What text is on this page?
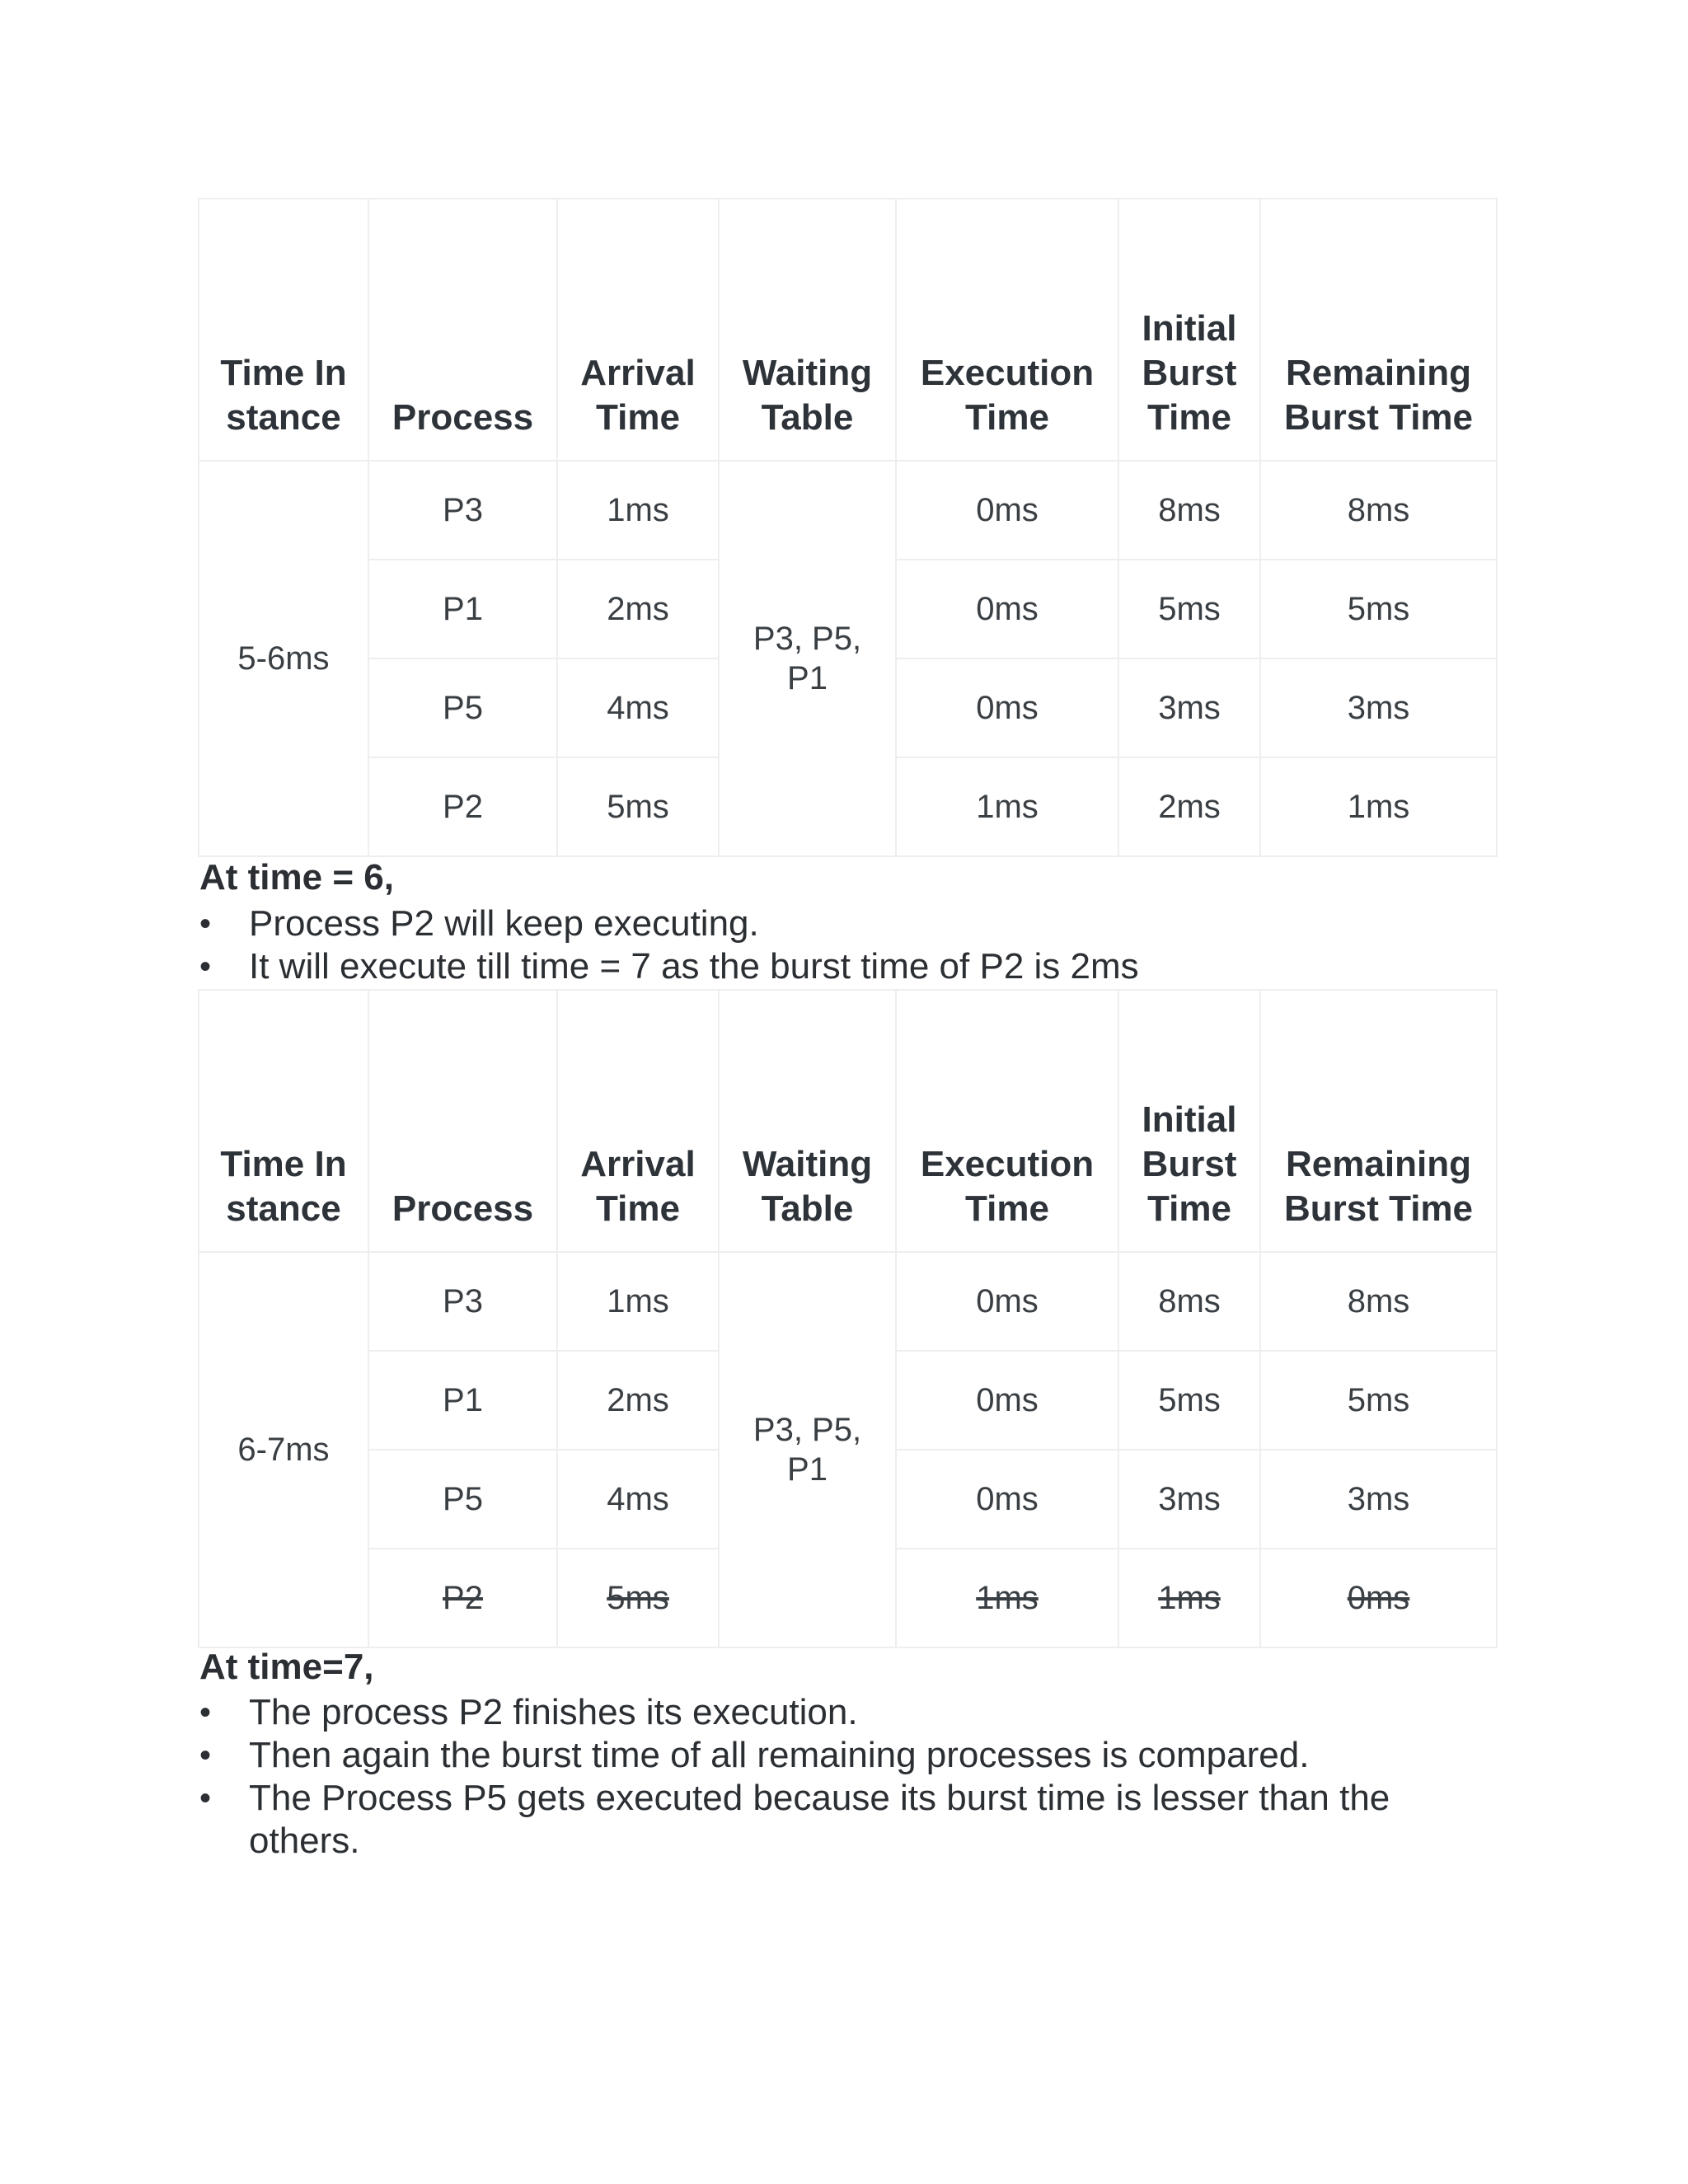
Time Instance	Process	Arrival Time	Waiting Table	Execution Time	Initial Burst Time	Remaining Burst Time
5-6ms	P3	1ms	P3, P5, P1	0ms	8ms	8ms
	P1	2ms		0ms	5ms	5ms
	P5	4ms		0ms	3ms	3ms
	P2	5ms		1ms	2ms	1ms
At time = 6,
• Process P2 will keep executing.
• It will execute till time = 7 as the burst time of P2 is 2ms
Time Instance	Process	Arrival Time	Waiting Table	Execution Time	Initial Burst Time	Remaining Burst Time
6-7ms	P3	1ms	P3, P5, P1	0ms	8ms	8ms
	P1	2ms		0ms	5ms	5ms
	P5	4ms		0ms	3ms	3ms
	P2	5ms		1ms	1ms	0ms
At time=7,
• The process P2 finishes its execution.
• Then again the burst time of all remaining processes is compared.
• The Process P5 gets executed because its burst time is lesser than the others.
